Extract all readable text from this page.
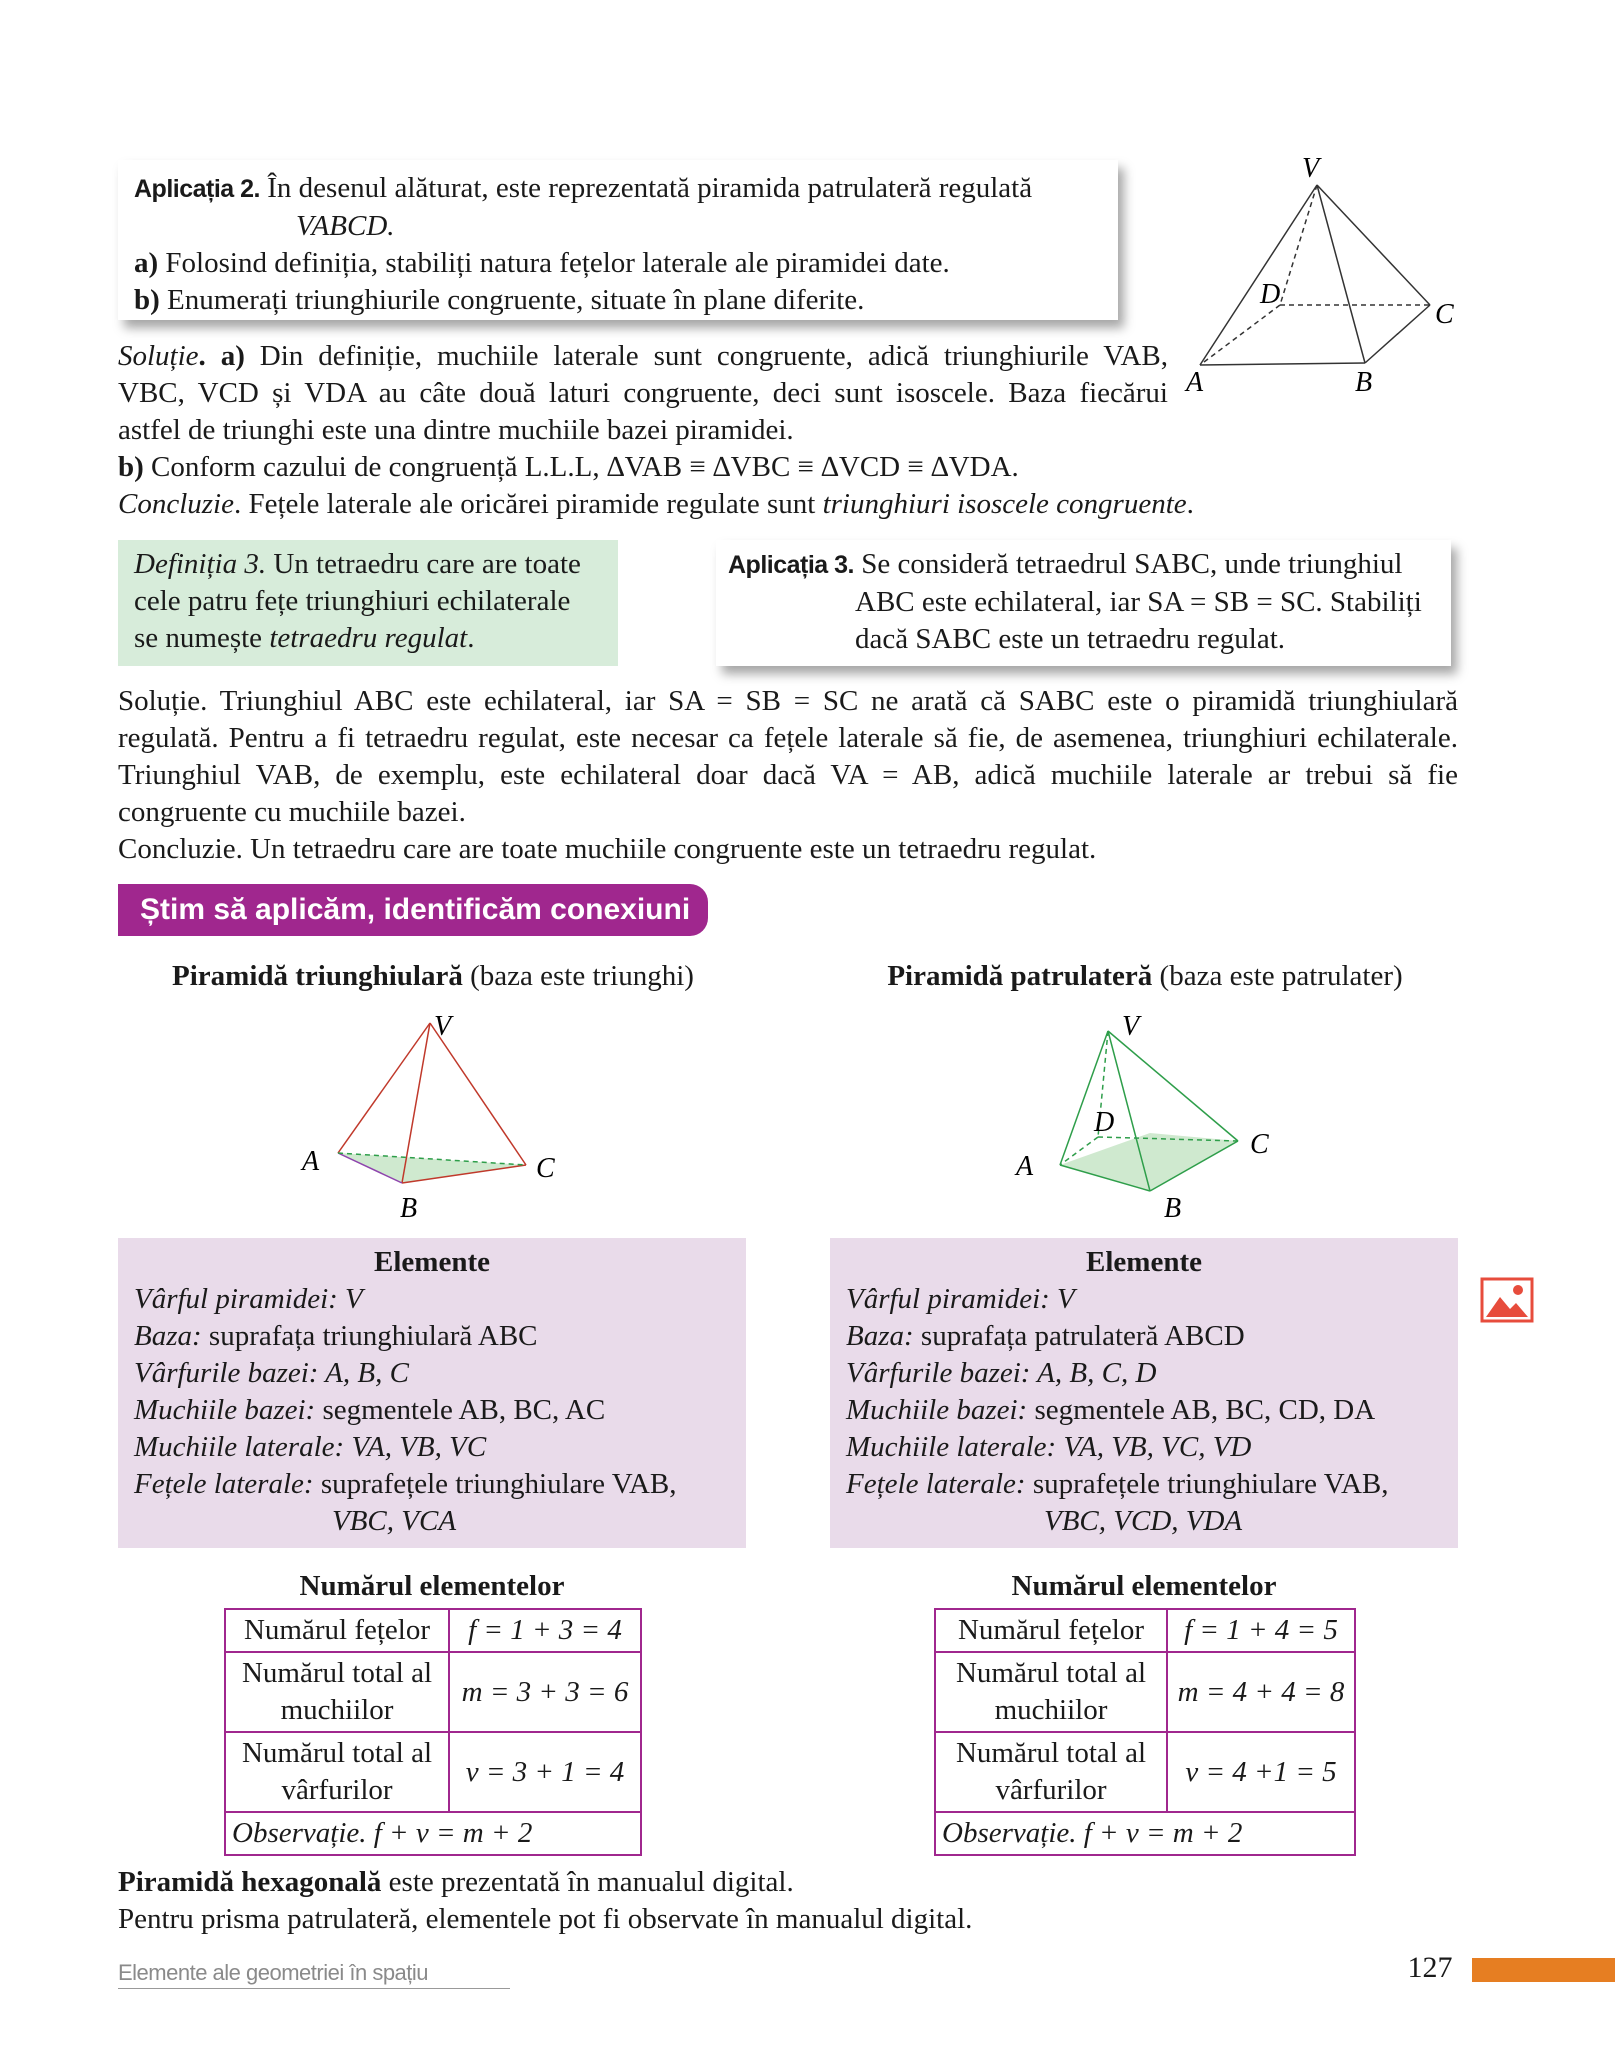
Aplicația 2. În desenul alăturat, este reprezentată piramida patrulateră regulată

VABCD.

a) Folosind definiția, stabiliți natura fețelor laterale ale piramidei date.

b) Enumerați triunghiurile congruente, situate în plane diferite.

V
D
C
A	B

Soluție. a) Din definiție, muchiile laterale sunt congruente, adică triunghiurile VAB,

VBC, VCD și VDA au câte două laturi congruente, deci sunt isoscele. Baza fiecărui

astfel de triunghi este una dintre muchiile bazei piramidei.

b) Conform cazului de congruență L.L.L, ∆VAB ≡ ∆VBC ≡ ∆VCD ≡ ∆VDA.

Concluzie. Fețele laterale ale oricărei piramide regulate sunt triunghiuri isoscele congruente.

Definiția 3. Un tetraedru care are toate

cele patru fețe triunghiuri echilaterale

se numește tetraedru regulat.

Aplicația 3. Se consideră tetraedrul SABC, unde triunghiul

ABC este echilateral, iar SA = SB = SC. Stabiliți

dacă SABC este un tetraedru regulat.

Soluție. Triunghiul ABC este echilateral, iar SA = SB = SC ne arată că SABC este o piramidă triunghiulară

regulată. Pentru a fi tetraedru regulat, este necesar ca fețele laterale să fie, de asemenea, triunghiuri echilaterale.

Triunghiul VAB, de exemplu, este echilateral doar dacă VA = AB, adică muchiile laterale ar trebui să fie

congruente cu muchiile bazei.

Concluzie. Un tetraedru care are toate muchiile congruente este un tetraedru regulat.

Știm să aplicăm, identificăm conexiuni
Piramidă triunghiulară (baza este triunghi)	Piramidă patrulateră (baza este patrulater)
V
A	C
B
V
D
C
A
B

Elemente

Vârful piramidei: V

Baza: suprafața triunghiulară ABC

Vârfurile bazei: A, B, C

Muchiile bazei: segmentele AB, BC, AC

Muchiile laterale: VA, VB, VC

Fețele laterale: suprafețele triunghiulare VAB,

VBC, VCA

Elemente

Vârful piramidei: V

Baza: suprafața patrulateră ABCD

Vârfurile bazei: A, B, C, D

Muchiile bazei: segmentele AB, BC, CD, DA

Muchiile laterale: VA, VB, VC, VD

Fețele laterale: suprafețele triunghiulare VAB,

VBC, VCD, VDA

Numărul elementelor
Numărul fețelor	f = 1 + 3 = 4
Numărul total al muchiilor	m = 3 + 3 = 6
Numărul total al vârfurilor	v = 3 + 1 = 4
Observație. f + v = m + 2	
Numărul elementelor
Numărul fețelor	f = 1 + 4 = 5
Numărul total al muchiilor	m = 4 + 4 = 8
Numărul total al vârfurilor	v = 4 +1 = 5
Observație. f + v = m + 2	

Piramidă hexagonală este prezentată în manualul digital.

Pentru prisma patrulateră, elementele pot fi observate în manualul digital.

Elemente ale geometriei în spațiu	127
